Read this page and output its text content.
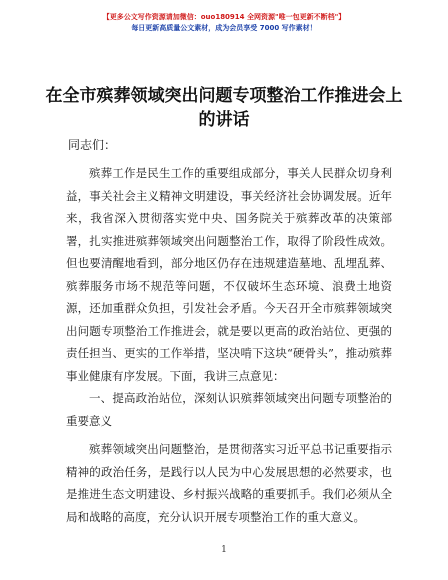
【更多公文写作资源请加微信：ouo180914 全网资源"唯一包更新不断档"】
每日更新高质量公文素材，成为会员享受 7000 写作素材！
在全市殡葬领域突出问题专项整治工作推进会上的讲话
同志们：

殡葬工作是民生工作的重要组成部分，事关人民群众切身利益，事关社会主义精神文明建设，事关经济社会协调发展。近年来，我省深入贯彻落实党中央、国务院关于殡葬改革的决策部署，扎实推进殡葬领域突出问题整治工作，取得了阶段性成效。但也要清醒地看到，部分地区仍存在违规建造墓地、乱埋乱葬、殡葬服务市场不规范等问题，不仅破坏生态环境、浪费土地资源，还加重群众负担，引发社会矛盾。今天召开全市殡葬领域突出问题专项整治工作推进会，就是要以更高的政治站位、更强的责任担当、更实的工作举措，坚决啃下这块“硬骨头”，推动殡葬事业健康有序发展。下面，我讲三点意见：

一、提高政治站位，深刻认识殡葬领域突出问题专项整治的重要意义

殡葬领域突出问题整治，是贯彻落实习近平总书记重要指示精神的政治任务，是践行以人民为中心发展思想的必然要求，也是推进生态文明建设、乡村振兴战略的重要抓手。我们必须从全局和战略的高度，充分认识开展专项整治工作的重大意义。

1
